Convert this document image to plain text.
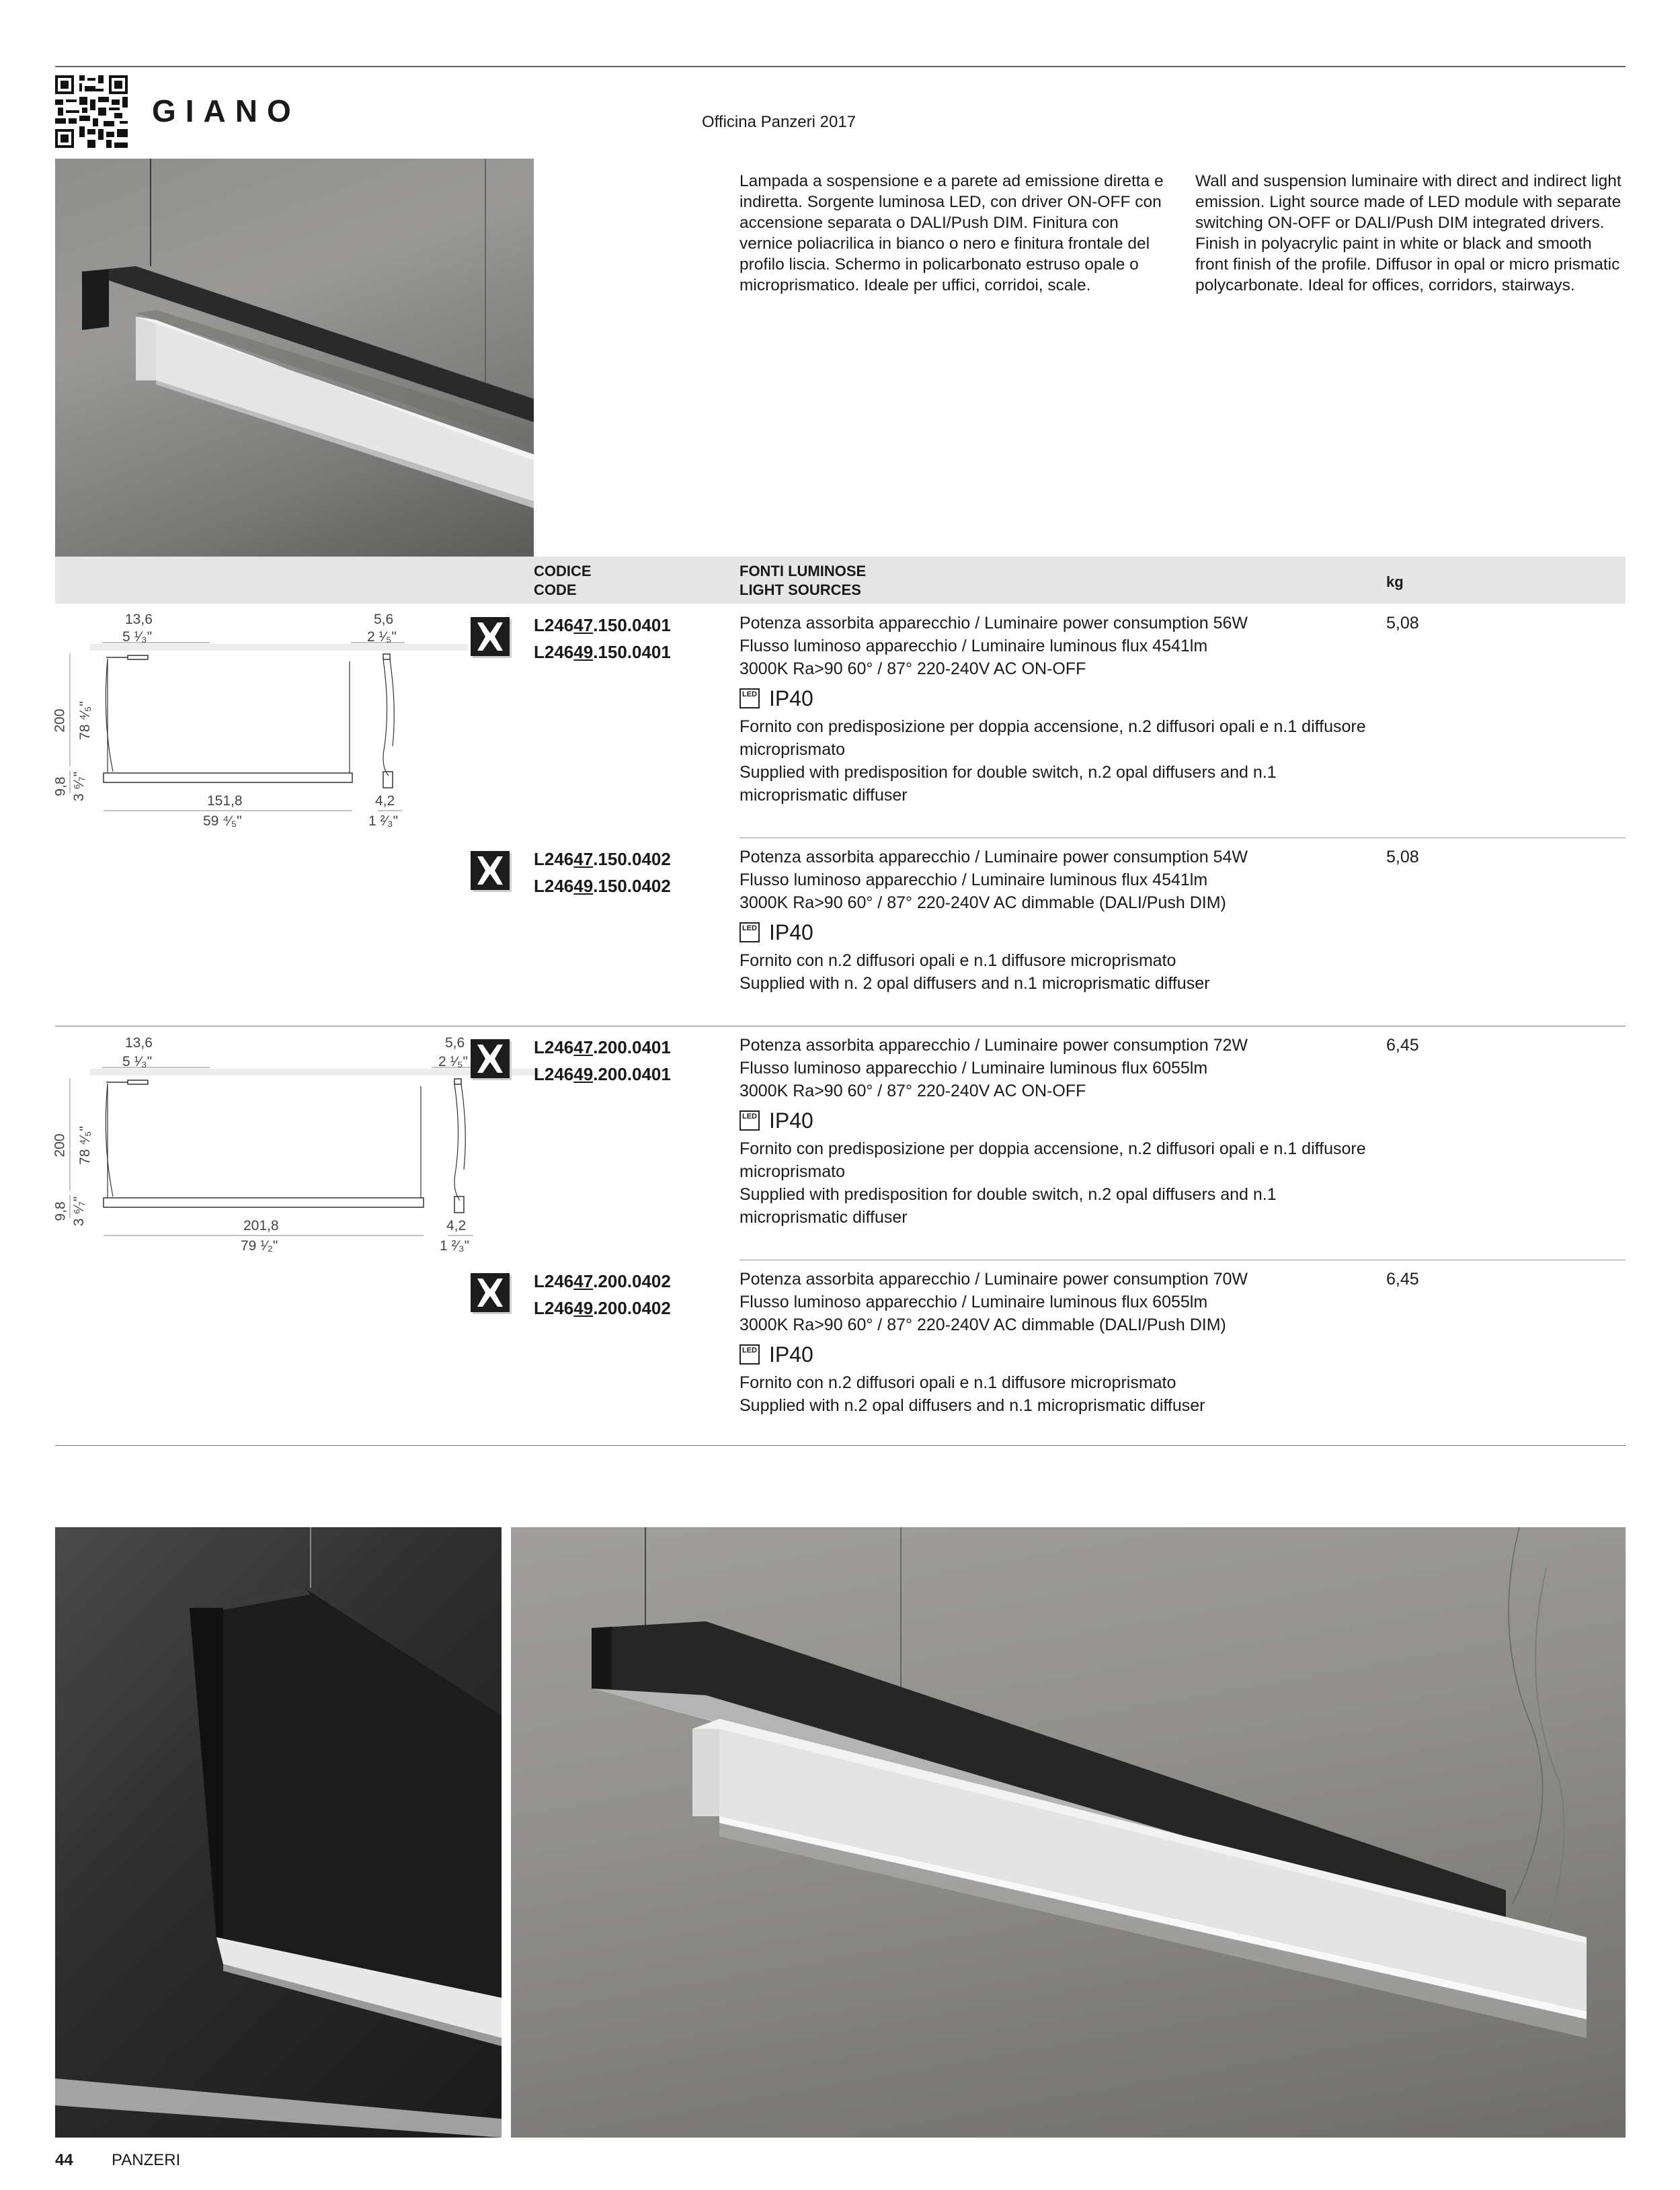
GIANO	Officina Panzeri 2017
Lampada a sospensione e a parete ad emissione diretta e indiretta. Sorgente luminosa LED, con driver ON-OFF con accensione separata o DALI/Push DIM. Finitura con vernice poliacrilica in bianco o nero e finitura frontale del profilo liscia. Schermo in policarbonato estruso opale o microprismatico. Ideale per uffici, corridoi, scale.
Wall and suspension luminaire with direct and indirect light emission. Light source made of LED module with separate switching ON-OFF or DALI/Push DIM integrated drivers. Finish in polyacrylic paint in white or black and smooth front finish of the profile. Diffusor in opal or micro prismatic polycarbonate. Ideal for offices, corridors, stairways.
CODICE
CODE
FONTI LUMINOSE
LIGHT SOURCES	kg
13,6
5 ¹⁄₃"
5,6
2 ¹⁄₅"
200 78 ⁴⁄₅"
9,8 3 ⁶⁄₇"	151,8
59 ⁴⁄₅"
4,2
1 ²⁄₃"
13,6
5 ¹⁄₃"
5,6
2 ¹⁄₅"
200 78 ⁴⁄₅"
9,8 3 ⁶⁄₇"	201,8
79 ¹⁄₂"
4,2
1 ²⁄₃"
L24647.150.0401
L24649.150.0401
Potenza assorbita apparecchio / Luminaire power consumption 56W
Flusso luminoso apparecchio / Luminaire luminous flux 4541lm
3000K Ra>90 60° / 87° 220-240V AC ON-OFF
LED IP40
Fornito con predisposizione per doppia accensione, n.2 diffusori opali e n.1 diffusore microprismato
Supplied with predisposition for double switch, n.2 opal diffusers and n.1 microprismatic diffuser
5,08
L24647.150.0402
L24649.150.0402
Potenza assorbita apparecchio / Luminaire power consumption 54W
Flusso luminoso apparecchio / Luminaire luminous flux 4541lm
3000K Ra>90 60° / 87° 220-240V AC dimmable (DALI/Push DIM)
LED IP40
Fornito con n.2 diffusori opali e n.1 diffusore microprismato
Supplied with n. 2 opal diffusers and n.1 microprismatic diffuser
5,08
L24647.200.0401
L24649.200.0401
Potenza assorbita apparecchio / Luminaire power consumption 72W
Flusso luminoso apparecchio / Luminaire luminous flux 6055lm
3000K Ra>90 60° / 87° 220-240V AC ON-OFF
LED IP40
Fornito con predisposizione per doppia accensione, n.2 diffusori opali e n.1 diffusore microprismato
Supplied with predisposition for double switch, n.2 opal diffusers and n.1 microprismatic diffuser
6,45
L24647.200.0402
L24649.200.0402
Potenza assorbita apparecchio / Luminaire power consumption 70W
Flusso luminoso apparecchio / Luminaire luminous flux 6055lm
3000K Ra>90 60° / 87° 220-240V AC dimmable (DALI/Push DIM)
LED IP40
Fornito con n.2 diffusori opali e n.1 diffusore microprismato
Supplied with n.2 opal diffusers and n.1 microprismatic diffuser
6,45
44 PANZERI
